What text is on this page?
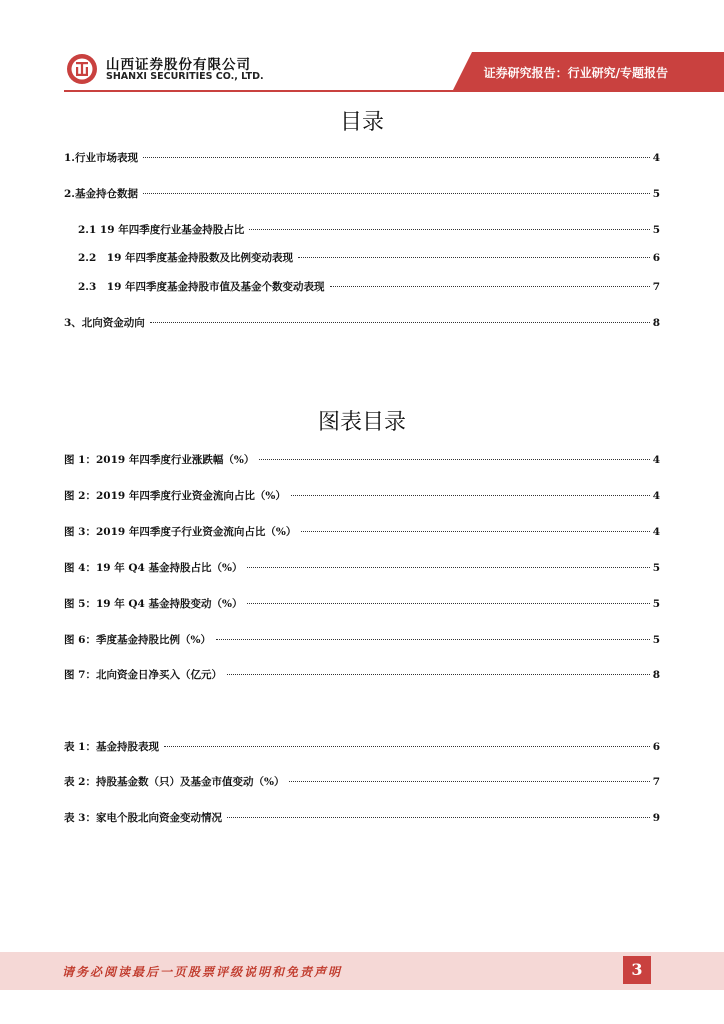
山西证券股份有限公司
SHANXI SECURITIES CO., LTD.	证券研究报告：行业研究/专题报告
目录
1.行业市场表现	4
2.基金持仓数据	5
2.1 19 年四季度行业基金持股占比	5
2.2　19 年四季度基金持股数及比例变动表现	6
2.3　19 年四季度基金持股市值及基金个数变动表现	7
3、北向资金动向	8
图表目录
图 1：2019 年四季度行业涨跌幅（%）	4
图 2：2019 年四季度行业资金流向占比（%）	4
图 3：2019 年四季度子行业资金流向占比（%）	4
图 4：19 年 Q4 基金持股占比（%）	5
图 5：19 年 Q4 基金持股变动（%）	5
图 6：季度基金持股比例（%）	5
图 7：北向资金日净买入（亿元）	8
表 1：基金持股表现	6
表 2：持股基金数（只）及基金市值变动（%）	7
表 3：家电个股北向资金变动情况	9
请务必阅读最后一页股票评级说明和免责声明	3
